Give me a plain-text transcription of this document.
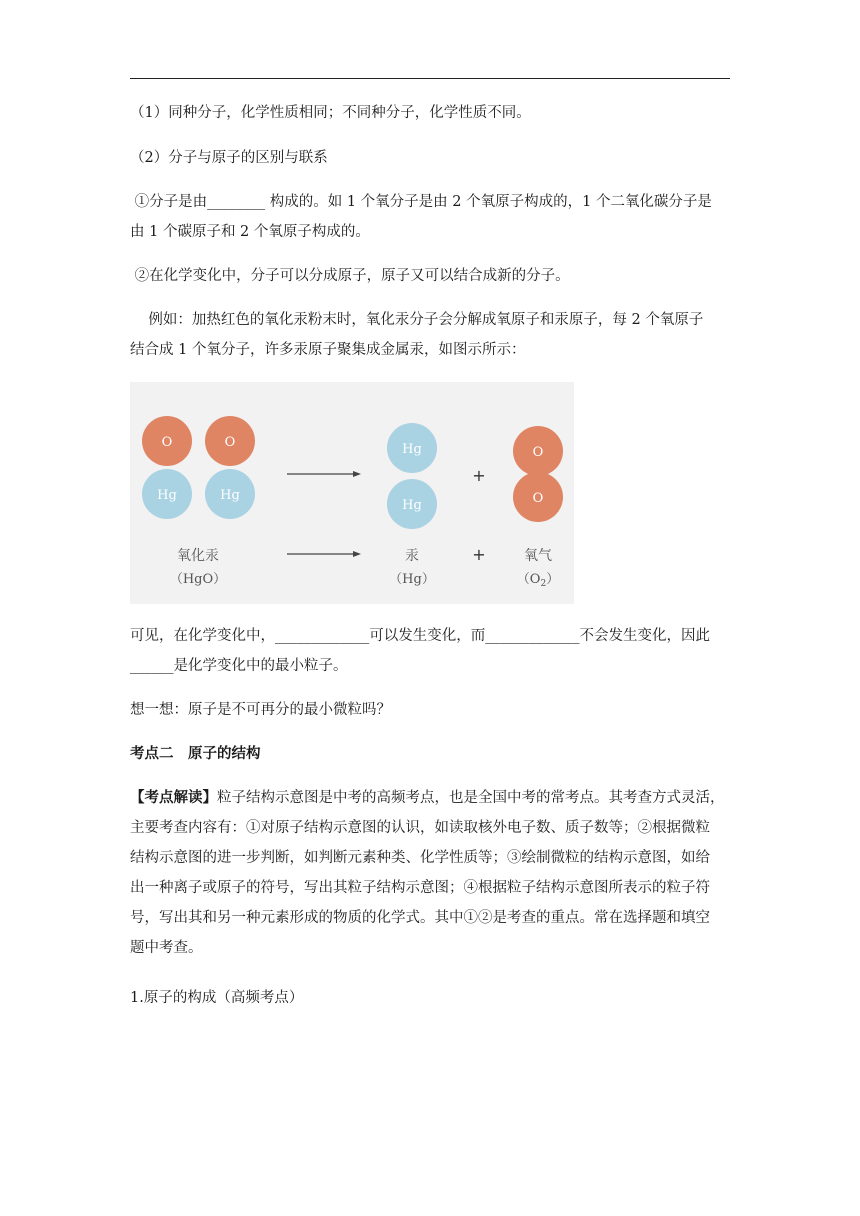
（1）同种分子，化学性质相同；不同种分子，化学性质不同。
（2）分子与原子的区别与联系
①分子是由________ 构成的。如 1 个氧分子是由 2 个氧原子构成的，1 个二氧化碳分子是
由 1 个碳原子和 2 个氧原子构成的。
②在化学变化中，分子可以分成原子，原子又可以结合成新的分子。
例如：加热红色的氧化汞粉末时，氧化汞分子会分解成氧原子和汞原子，每 2 个氧原子
结合成 1 个氧分子，许多汞原子聚集成金属汞，如图示所示：
O
Hg
O
Hg
Hg
Hg
+
+
O
O
氧化汞
（HgO）
汞
（Hg）
氧气
$(O_2)$
可见，在化学变化中，_____________可以发生变化，而_____________不会发生变化，因此
______是化学变化中的最小粒子。
想一想：原子是不可再分的最小微粒吗？
考点二　原子的结构
【考点解读】粒子结构示意图是中考的高频考点，也是全国中考的常考点。其考查方式灵活，
主要考查内容有：①对原子结构示意图的认识，如读取核外电子数、质子数等；②根据微粒
结构示意图的进一步判断，如判断元素种类、化学性质等；③绘制微粒的结构示意图，如给
出一种离子或原子的符号，写出其粒子结构示意图；④根据粒子结构示意图所表示的粒子符
号，写出其和另一种元素形成的物质的化学式。其中①②是考查的重点。常在选择题和填空
题中考查。
1.原子的构成（高频考点）
